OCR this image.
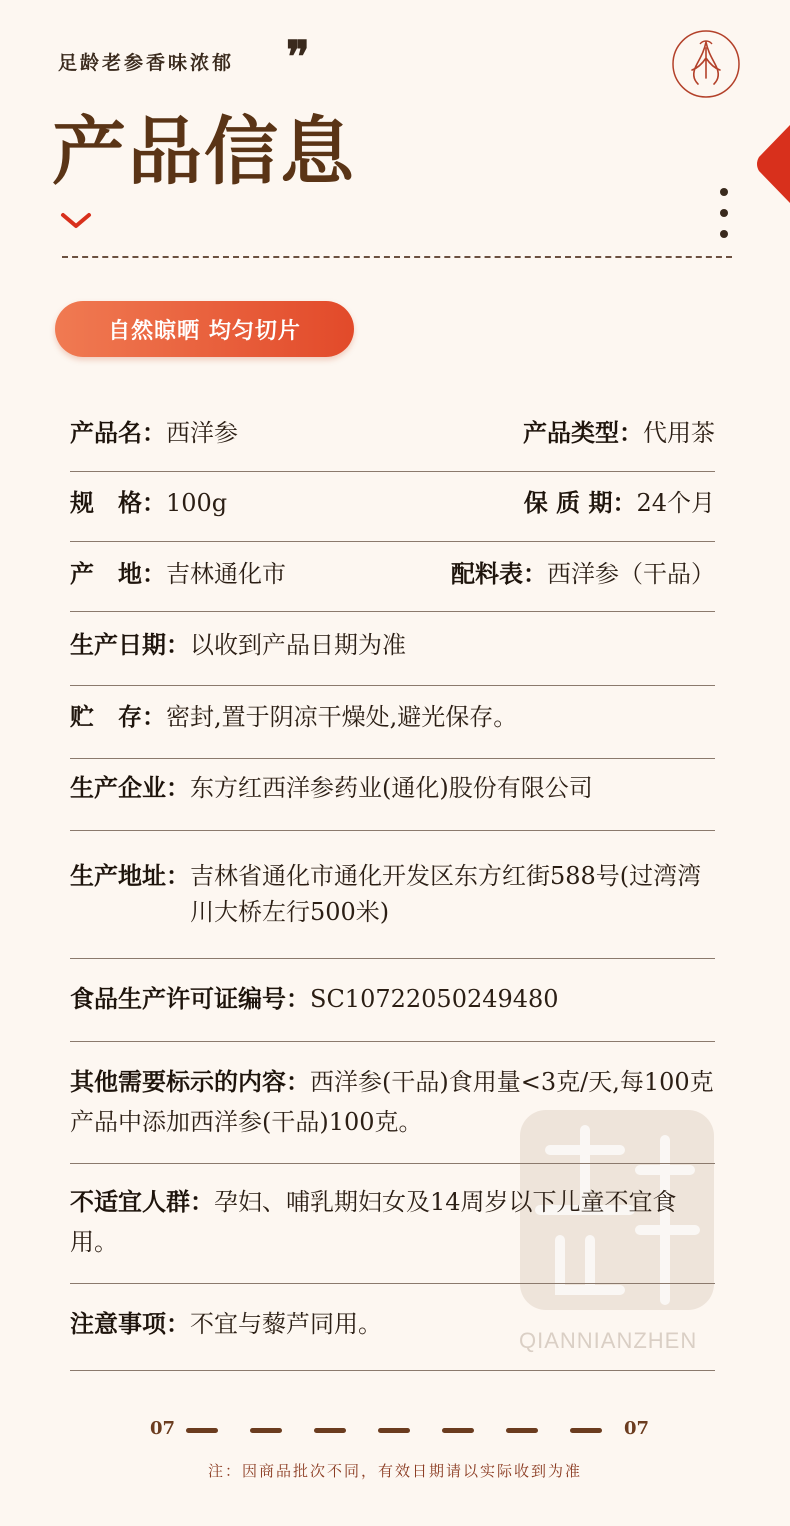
足龄老参香味浓郁 ❞
产品信息
自然晾晒 均匀切片
QIANNIANZHEN
产品名：西洋参	产品类型：代用茶
规　格：100g	保 质 期：24个月
产　地：吉林通化市	配料表：西洋参（干品）
生产日期：以收到产品日期为准
贮　存：密封,置于阴凉干燥处,避光保存。
生产企业：东方红西洋参药业(通化)股份有限公司
生产地址： 吉林省通化市通化开发区东方红街588号(过湾湾川大桥左行500米)
食品生产许可证编号：SC10722050249480
其他需要标示的内容：西洋参(干品)食用量<3克/天,每100克产品中添加西洋参(干品)100克。
不适宜人群：孕妇、哺乳期妇女及14周岁以下儿童不宜食用。
注意事项：不宜与藜芦同用。
07	07
注：因商品批次不同，有效日期请以实际收到为准
